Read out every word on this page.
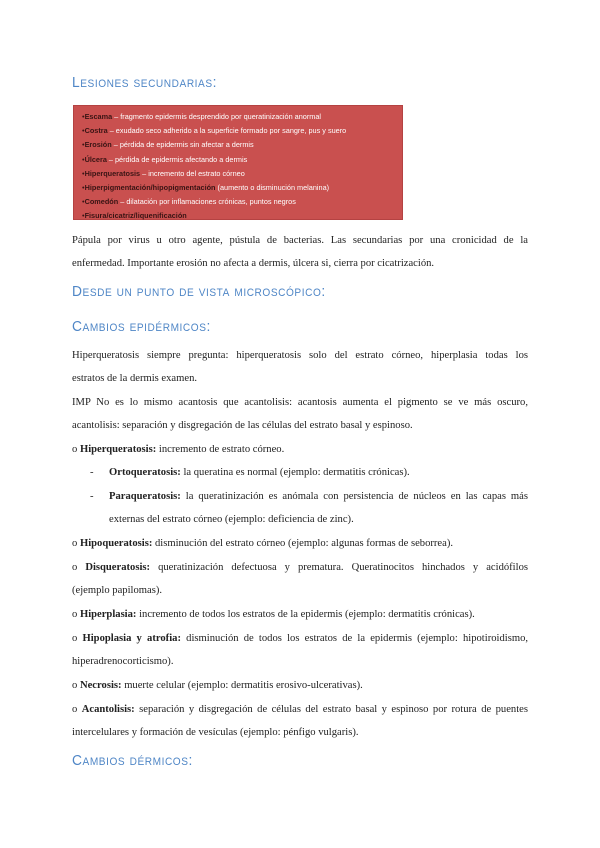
Lesiones secundarias:
•Escama – fragmento epidermis desprendido por queratinización anormal
•Costra – exudado seco adherido a la superficie formado por sangre, pus y suero
•Erosión – pérdida de epidermis sin afectar a dermis
•Úlcera – pérdida de epidermis afectando a dermis
•Hiperqueratosis – incremento del estrato córneo
•Hiperpigmentación/hipopigmentación (aumento o disminución melanina)
•Comedón – dilatación por inflamaciones crónicas, puntos negros
•Fisura/cicatriz/liquenificación
Pápula por virus u otro agente, pústula de bacterias. Las secundarias por una cronicidad de la
enfermedad. Importante erosión no afecta a dermis, úlcera si, cierra por cicatrización.
Desde un punto de vista microscópico:
Cambios epidérmicos:
Hiperqueratosis siempre pregunta: hiperqueratosis solo del estrato córneo, hiperplasia todas los
estratos de la dermis examen.
IMP No es lo mismo acantosis que acantolisis: acantosis aumenta el pigmento se ve más oscuro,
acantolisis: separación y disgregación de las células del estrato basal y espinoso.
o Hiperqueratosis: incremento de estrato córneo.
- Ortoqueratosis: la queratina es normal (ejemplo: dermatitis crónicas).
- Paraqueratosis: la queratinización es anómala con persistencia de núcleos en las capas más
externas del estrato córneo (ejemplo: deficiencia de zinc).
o Hipoqueratosis: disminución del estrato córneo (ejemplo: algunas formas de seborrea).
o Disqueratosis: queratinización defectuosa y prematura. Queratinocitos hinchados y acidófilos
(ejemplo papilomas).
o Hiperplasia: incremento de todos los estratos de la epidermis (ejemplo: dermatitis crónicas).
o Hipoplasia y atrofia: disminución de todos los estratos de la epidermis (ejemplo: hipotiroidismo,
hiperadrenocorticismo).
o Necrosis: muerte celular (ejemplo: dermatitis erosivo-ulcerativas).
o Acantolisis: separación y disgregación de células del estrato basal y espinoso por rotura de puentes
intercelulares y formación de vesículas (ejemplo: pénfigo vulgaris).
Cambios dérmicos:
